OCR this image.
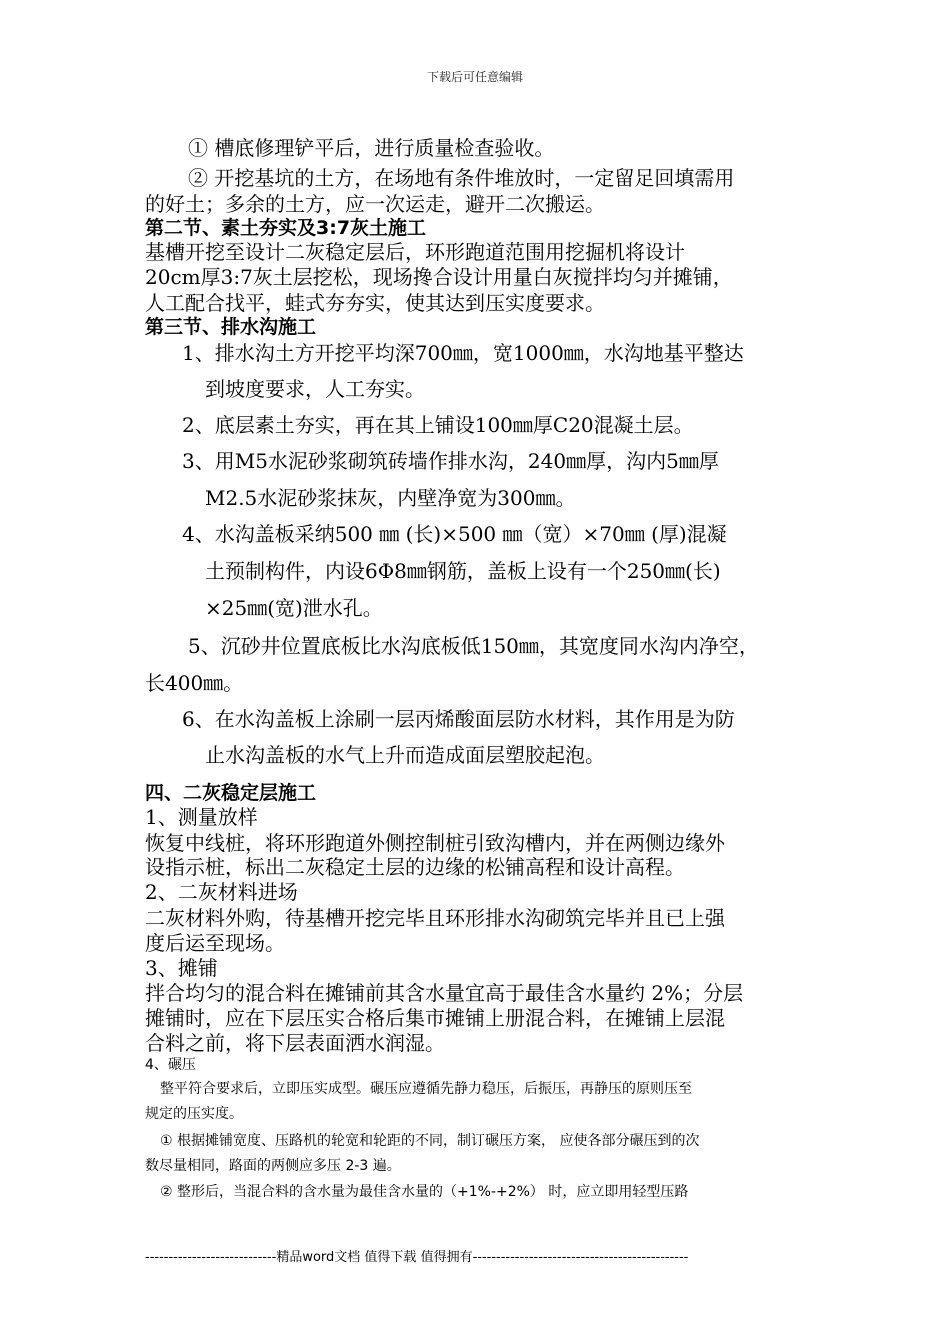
下载后可任意编辑
① 槽底修理铲平后，进行质量检查验收。
② 开挖基坑的土方，在场地有条件堆放时，一定留足回填需用
的好土；多余的土方，应一次运走，避开二次搬运。
第二节、素土夯实及3:7灰土施工
基槽开挖至设计二灰稳定层后，环形跑道范围用挖掘机将设计
20cm厚3:7灰土层挖松，现场搀合设计用量白灰搅拌均匀并摊铺，
人工配合找平，蛙式夯夯实，使其达到压实度要求。
第三节、排水沟施工
1、排水沟土方开挖平均深700㎜，宽1000㎜，水沟地基平整达
到坡度要求，人工夯实。
2、底层素土夯实，再在其上铺设100㎜厚C20混凝土层。
3、用M5水泥砂浆砌筑砖墙作排水沟，240㎜厚，沟内5㎜厚
M2.5水泥砂浆抹灰，内壁净宽为300㎜。
4、水沟盖板采纳500 ㎜ (长)×500 ㎜（宽）×70㎜ (厚)混凝
土预制构件，内设6Φ8㎜钢筋，盖板上设有一个250㎜(长)
×25㎜(宽)泄水孔。
5、沉砂井位置底板比水沟底板低150㎜，其宽度同水沟内净空，
长400㎜。
6、在水沟盖板上涂刷一层丙烯酸面层防水材料，其作用是为防
止水沟盖板的水气上升而造成面层塑胶起泡。
四、二灰稳定层施工
1、测量放样
恢复中线桩，将环形跑道外侧控制桩引致沟槽内，并在两侧边缘外
设指示桩，标出二灰稳定土层的边缘的松铺高程和设计高程。
2、二灰材料进场
二灰材料外购，待基槽开挖完毕且环形排水沟砌筑完毕并且已上强
度后运至现场。
3、摊铺
拌合均匀的混合料在摊铺前其含水量宜高于最佳含水量约 2%；分层
摊铺时，应在下层压实合格后集市摊铺上册混合料，在摊铺上层混
合料之前，将下层表面洒水润湿。
4、碾压
整平符合要求后，立即压实成型。碾压应遵循先静力稳压，后振压，再静压的原则压至
规定的压实度。
① 根据摊铺宽度、压路机的轮宽和轮距的不同，制订碾压方案， 应使各部分碾压到的次
数尽量相同，路面的两侧应多压 2-3 遍。
② 整形后，当混合料的含水量为最佳含水量的（+1%-+2%） 时，应立即用轻型压路
----------------------------精品word文档 值得下载 值得拥有----------------------------------------------
